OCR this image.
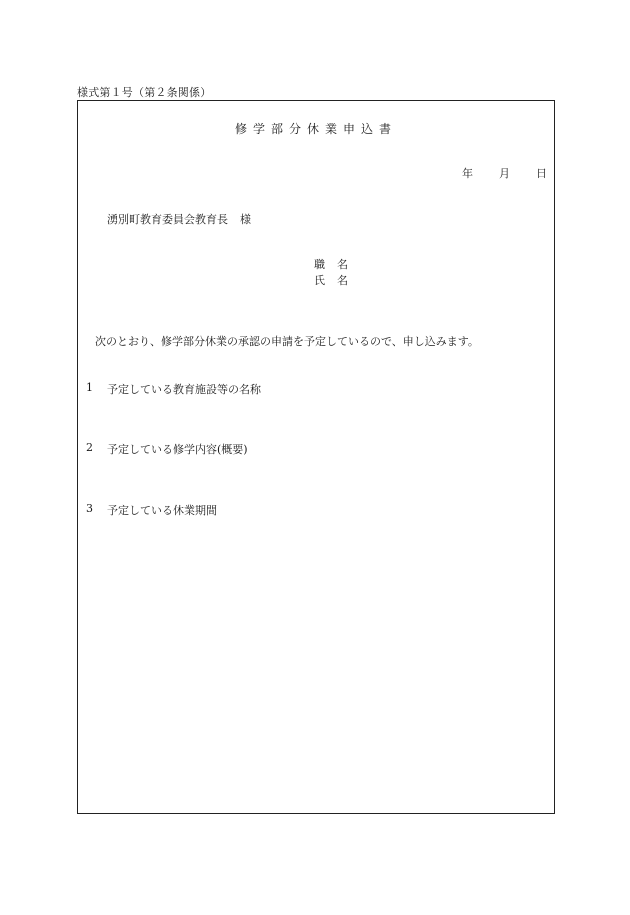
様式第１号（第２条関係）
修学部分休業申込書
年 月 日
湧別町教育委員会教育長 様
職 名
氏 名
次のとおり、修学部分休業の承認の申請を予定しているので、申し込みます。
1 予定している教育施設等の名称
2 予定している修学内容(概要)
3 予定している休業期間
